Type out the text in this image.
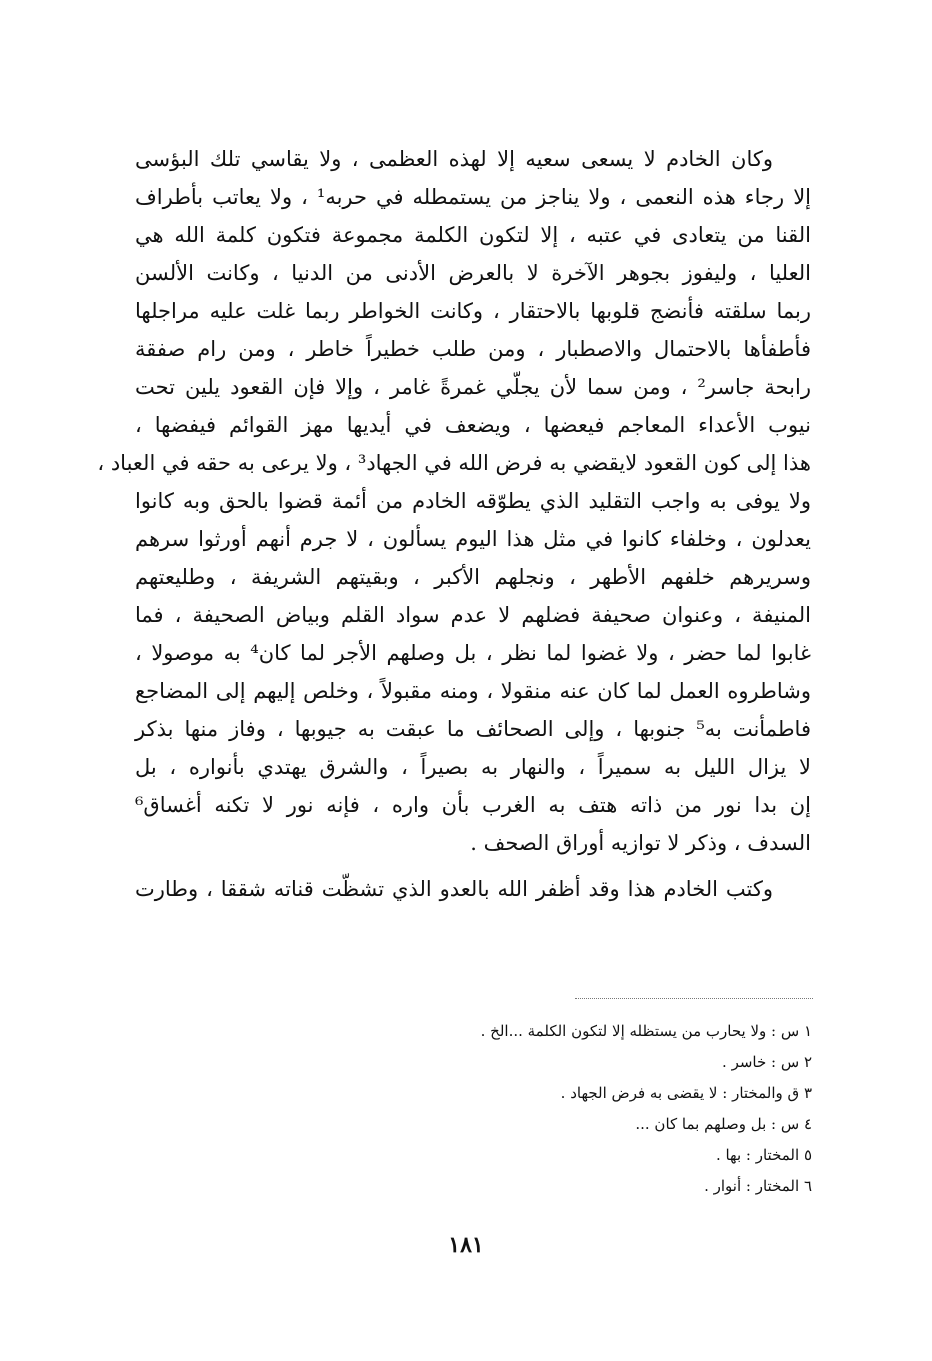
وكان الخادم لا يسعى سعيه إلا لهذه العظمى ، ولا يقاسي تلك البؤسى
إلا رجاء هذه النعمى ، ولا يناجز من يستمطله في حربه¹ ، ولا يعاتب بأطراف
القنا من يتعادى في عتبه ، إلا لتكون الكلمة مجموعة فتكون كلمة الله هي
العليا ، وليفوز بجوهر الآخرة لا بالعرض الأدنى من الدنيا ، وكانت الألسن
ربما سلقته فأنضج قلوبها بالاحتقار ، وكانت الخواطر ربما غلت عليه مراجلها
فأطفأها بالاحتمال والاصطبار ، ومن طلب خطيراً خاطر ، ومن رام صفقة
رابحة جاسر² ، ومن سما لأن يجلّي غمرةً غامر ، وإلا فإن القعود يلين تحت
نيوب الأعداء المعاجم فيعضها ، ويضعف في أيديها مهز القوائم فيفضها ،
هذا إلى كون القعود لايقضي به فرض الله في الجهاد³ ، ولا يرعى به حقه في العباد ،
ولا يوفى به واجب التقليد الذي يطوّقه الخادم من أئمة قضوا بالحق وبه كانوا
يعدلون ، وخلفاء كانوا في مثل هذا اليوم يسألون ، لا جرم أنهم أورثوا سرهم
وسريرهم خلفهم الأطهر ، ونجلهم الأكبر ، وبقيتهم الشريفة ، وطليعتهم
المنيفة ، وعنوان صحيفة فضلهم لا عدم سواد القلم وبياض الصحيفة ، فما
غابوا لما حضر ، ولا غضوا لما نظر ، بل وصلهم الأجر لما كان⁴ به موصولا ،
وشاطروه العمل لما كان عنه منقولا ، ومنه مقبولاً ، وخلص إليهم إلى المضاجع
فاطمأنت به⁵ جنوبها ، وإلى الصحائف ما عبقت به جيوبها ، وفاز منها بذكر
لا يزال الليل به سميراً ، والنهار به بصيراً ، والشرق يهتدي بأنواره ، بل
إن بدا نور من ذاته هتف به الغرب بأن واره ، فإنه نور لا تكنه أغساق⁶
السدف ، وذكر لا توازيه أوراق الصحف .
وكتب الخادم هذا وقد أظفر الله بالعدو الذي تشظّت قناته شققا ، وطارت
١ س : ولا يحارب من يستظله إلا لتكون الكلمة ...الخ .
٢ س : خاسر .
٣ ق والمختار : لا يقضى به فرض الجهاد .
٤ س : بل وصلهم بما كان ...
٥ المختار : بها .
٦ المختار : أنوار .
١٨١
